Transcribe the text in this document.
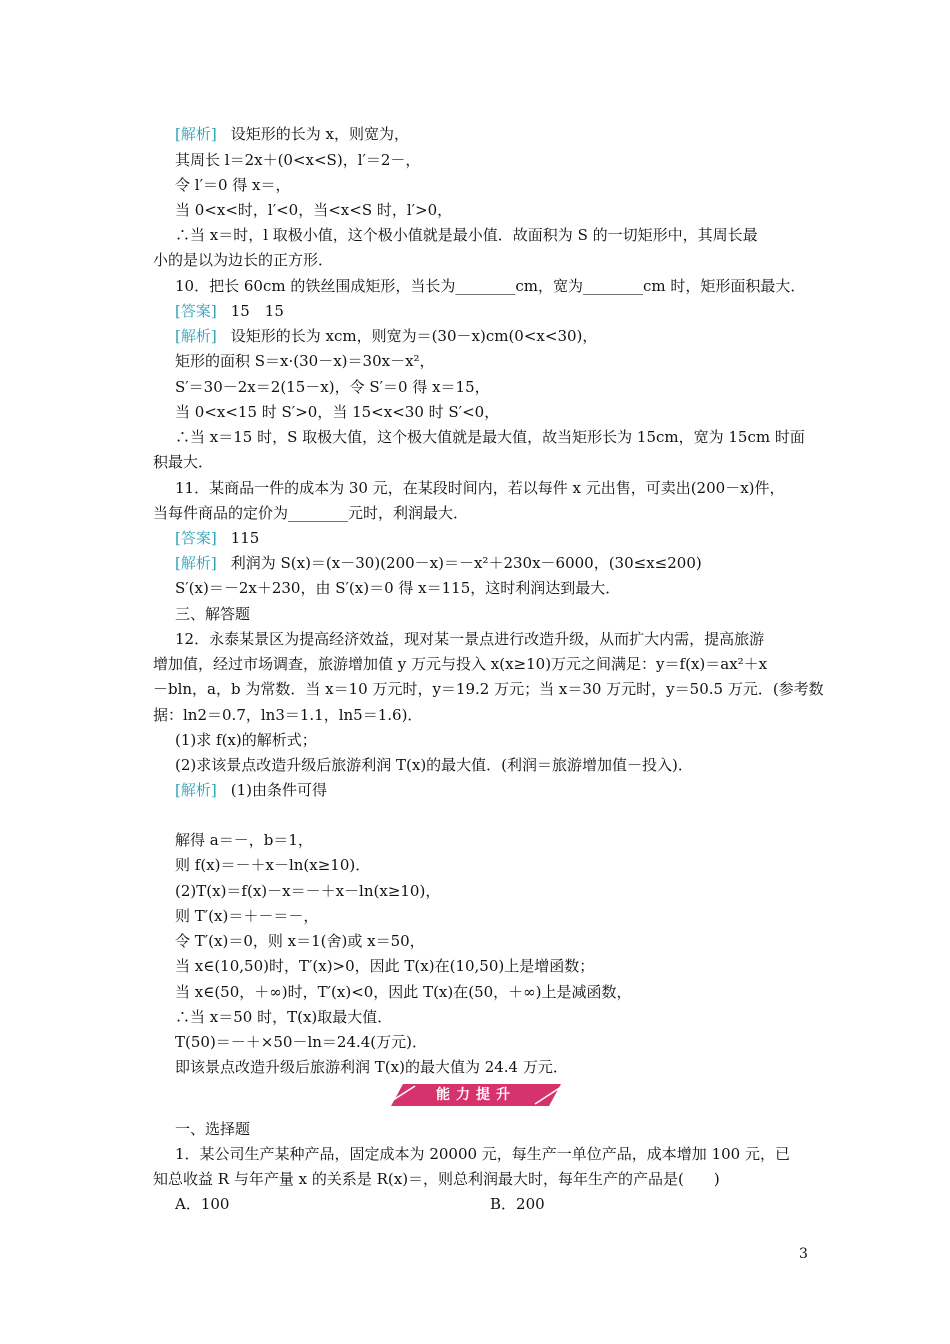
[解析] 设矩形的长为 x，则宽为，
其周长 l＝2x＋(0<x<S)，l′＝2－，
令 l′＝0 得 x＝，
当 0<x<时，l′<0，当<x<S 时，l′>0，
∴当 x＝时，l 取极小值，这个极小值就是最小值．故面积为 S 的一切矩形中，其周长最
小的是以为边长的正方形．
10．把长 60cm 的铁丝围成矩形，当长为________cm，宽为________cm 时，矩形面积最大．
[答案] 15　15
[解析] 设矩形的长为 xcm，则宽为＝(30－x)cm(0<x<30)，
矩形的面积 S＝x·(30－x)＝30x－x²，
S′＝30－2x＝2(15－x)，令 S′＝0 得 x＝15，
当 0<x<15 时 S′>0，当 15<x<30 时 S′<0，
∴当 x＝15 时，S 取极大值，这个极大值就是最大值，故当矩形长为 15cm，宽为 15cm 时面
积最大．
11．某商品一件的成本为 30 元，在某段时间内，若以每件 x 元出售，可卖出(200－x)件，
当每件商品的定价为________元时，利润最大．
[答案] 115
[解析] 利润为 S(x)＝(x－30)(200－x)＝－x²＋230x－6000，(30≤x≤200)
S′(x)＝－2x＋230，由 S′(x)＝0 得 x＝115，这时利润达到最大．
三、解答题
12．永泰某景区为提高经济效益，现对某一景点进行改造升级，从而扩大内需，提高旅游
增加值，经过市场调查，旅游增加值 y 万元与投入 x(x≥10)万元之间满足：y＝f(x)＝ax²＋x
－bln，a，b 为常数．当 x＝10 万元时，y＝19.2 万元；当 x＝30 万元时，y＝50.5 万元．(参考数
据：ln2＝0.7，ln3＝1.1，ln5＝1.6)．
(1)求 f(x)的解析式；
(2)求该景点改造升级后旅游利润 T(x)的最大值．(利润＝旅游增加值－投入)．
[解析] (1)由条件可得
解得 a＝－，b＝1，
则 f(x)＝－＋x－ln(x≥10)．
(2)T(x)＝f(x)－x＝－＋x－ln(x≥10)，
则 T′(x)＝＋－＝－，
令 T′(x)＝0，则 x＝1(舍)或 x＝50，
当 x∈(10,50)时，T′(x)>0，因此 T(x)在(10,50)上是增函数；
当 x∈(50，＋∞)时，T′(x)<0，因此 T(x)在(50，＋∞)上是减函数，
∴当 x＝50 时，T(x)取最大值．
T(50)＝－＋×50－ln＝24.4(万元)．
即该景点改造升级后旅游利润 T(x)的最大值为 24.4 万元．
一、选择题
1．某公司生产某种产品，固定成本为 20000 元，每生产一单位产品，成本增加 100 元，已
知总收益 R 与年产量 x 的关系是 R(x)＝，则总利润最大时，每年生产的产品是(　　)
能力提升
A．100	B．200
3
